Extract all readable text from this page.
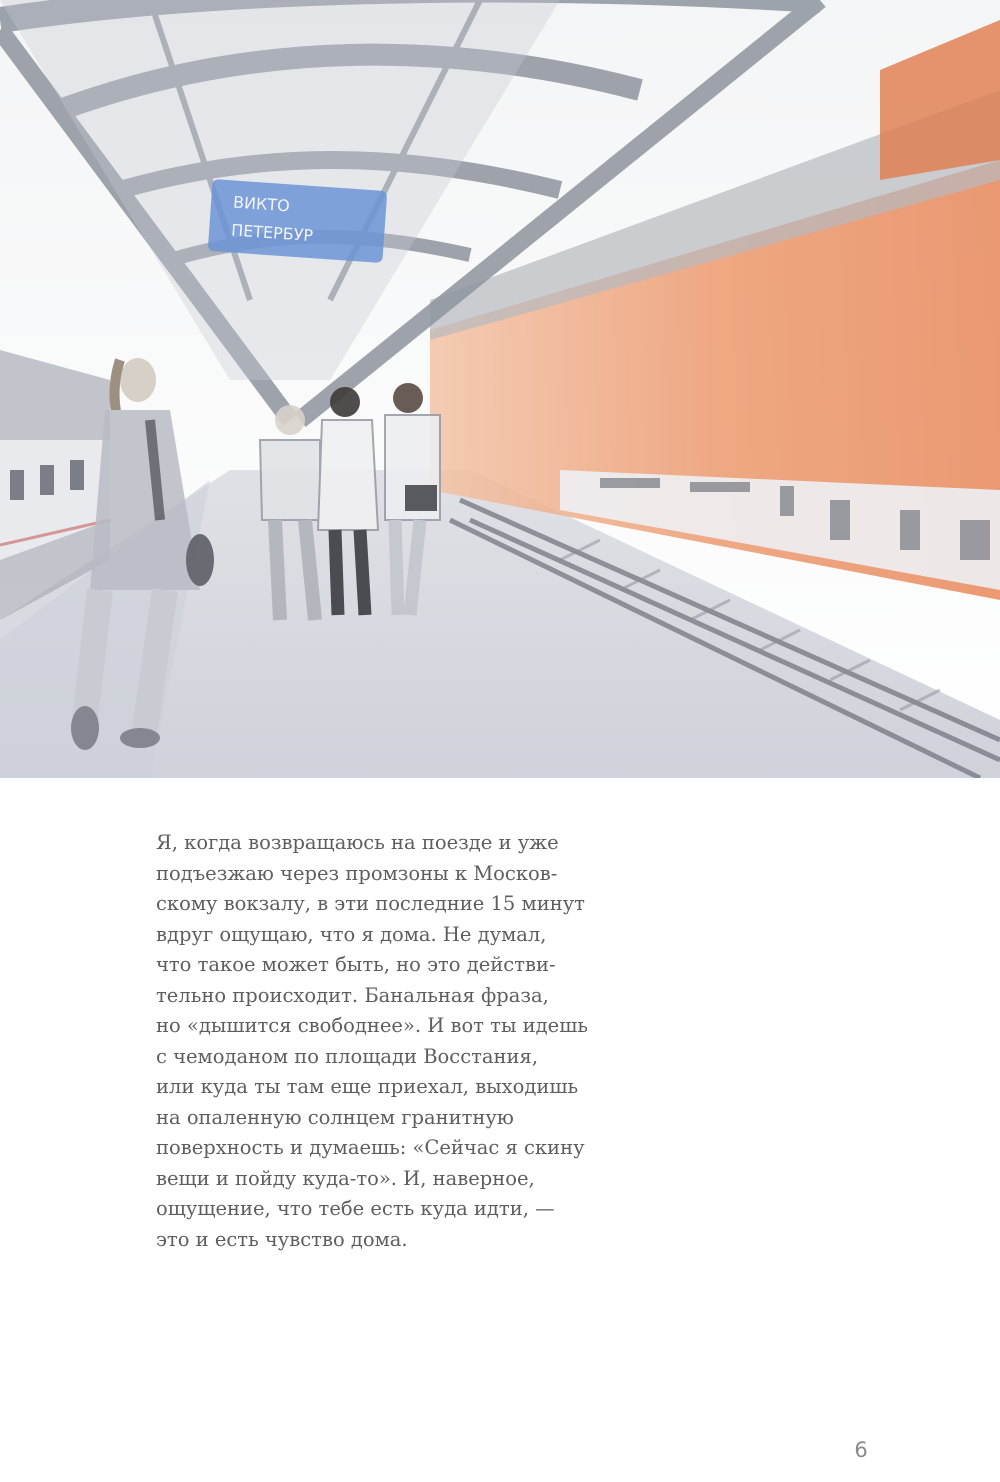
ВИКТО
ПЕТЕРБУР
Я, когда возвращаюсь на поезде и уже
подъезжаю через промзоны к Москов-
скому вокзалу, в эти последние 15 минут
вдруг ощущаю, что я дома. Не думал,
что такое может быть, но это действи-
тельно происходит. Банальная фраза,
но «дышится свободнее». И вот ты идешь
с чемоданом по площади Восстания,
или куда ты там еще приехал, выходишь
на опаленную солнцем гранитную
поверхность и думаешь: «Сейчас я скину
вещи и пойду куда-то». И, наверное,
ощущение, что тебе есть куда идти, —
это и есть чувство дома.
6
